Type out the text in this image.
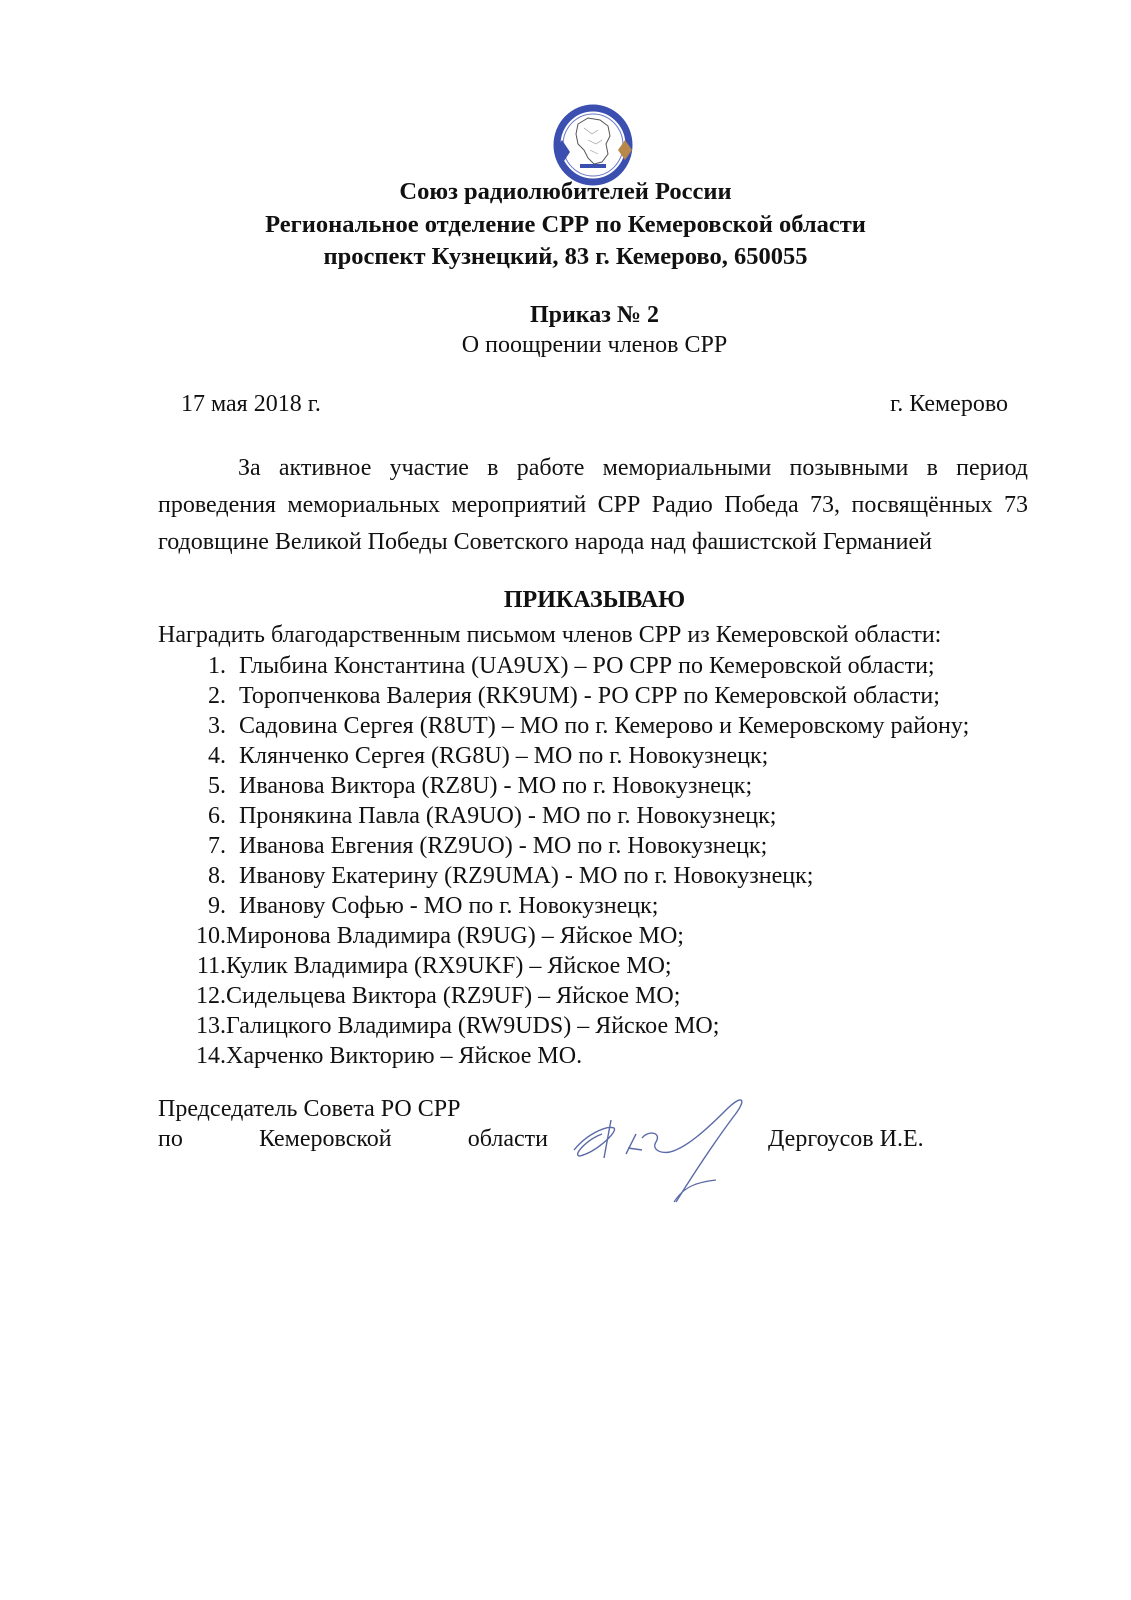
Союз радиолюбителей России
Региональное отделение СРР по Кемеровской области
проспект Кузнецкий, 83 г. Кемерово, 650055
Приказ № 2
О поощрении членов СРР
17 мая 2018 г.	г. Кемерово

За активное участие в работе мемориальными позывными в период проведения мемориальных мероприятий СРР Радио Победа 73, посвящённых 73 годовщине Великой Победы Советского народа над фашистской Германией

ПРИКАЗЫВАЮ
Наградить благодарственным письмом членов СРР из Кемеровской области:
1. Глыбина Константина (UA9UX) – РО СРР по Кемеровской области;
2. Торопченкова Валерия (RK9UM) - РО СРР по Кемеровской области;
3. Садовина Сергея (R8UT) – МО по г. Кемерово и Кемеровскому району;
4. Клянченко Сергея (RG8U) – МО по г. Новокузнецк;
5. Иванова Виктора (RZ8U) - МО по г. Новокузнецк;
6. Пронякина Павла (RA9UO) - МО по г. Новокузнецк;
7. Иванова Евгения (RZ9UO) - МО по г. Новокузнецк;
8. Иванову Екатерину (RZ9UMA) - МО по г. Новокузнецк;
9. Иванову Софью - МО по г. Новокузнецк;
10. Миронова Владимира (R9UG) – Яйское МО;
11. Кулик Владимира (RX9UKF) – Яйское МО;
12. Сидельцева Виктора (RZ9UF) – Яйское МО;
13. Галицкого Владимира (RW9UDS) – Яйское МО;
14. Харченко Викторию – Яйское МО.
Председатель Совета РО СРР
по	Кемеровской	области	Дергоусов И.Е.
